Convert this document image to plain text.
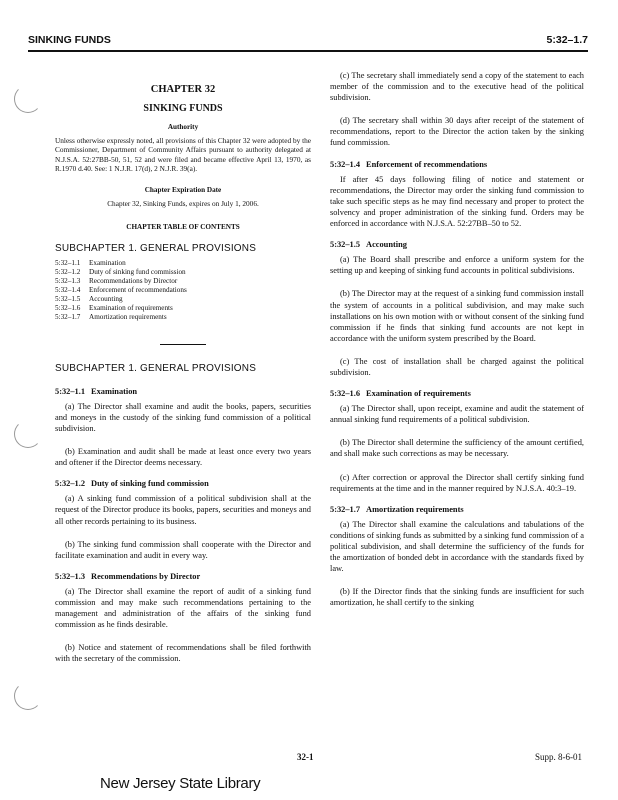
SINKING FUNDS	5:32–1.7
CHAPTER 32
SINKING FUNDS
Authority
Unless otherwise expressly noted, all provisions of this Chapter 32 were adopted by the Commissioner, Department of Community Affairs pursuant to authority delegated at N.J.S.A. 52:27BB-50, 51, 52 and were filed and became effective April 13, 1970, as R.1970 d.40. See: 1 N.J.R. 17(d), 2 N.J.R. 39(a).
Chapter Expiration Date
Chapter 32, Sinking Funds, expires on July 1, 2006.
CHAPTER TABLE OF CONTENTS
SUBCHAPTER 1. GENERAL PROVISIONS
5:32–1.1	Examination
5:32–1.2	Duty of sinking fund commission
5:32–1.3	Recommendations by Director
5:32–1.4	Enforcement of recommendations
5:32–1.5	Accounting
5:32–1.6	Examination of requirements
5:32–1.7	Amortization requirements
SUBCHAPTER 1. GENERAL PROVISIONS
5:32–1.1 Examination

(a) The Director shall examine and audit the books, papers, securities and moneys in the custody of the sinking fund commission of a political subdivision.

(b) Examination and audit shall be made at least once every two years and oftener if the Director deems necessary.

5:32–1.2 Duty of sinking fund commission

(a) A sinking fund commission of a political subdivision shall at the request of the Director produce its books, papers, securities and moneys and all other records pertaining to its business.

(b) The sinking fund commission shall cooperate with the Director and facilitate examination and audit in every way.

5:32–1.3 Recommendations by Director

(a) The Director shall examine the report of audit of a sinking fund commission and may make such recommendations pertaining to the management and administration of the affairs of the sinking fund commission as he finds desirable.

(b) Notice and statement of recommendations shall be filed forthwith with the secretary of the commission.

(c) The secretary shall immediately send a copy of the statement to each member of the commission and to the executive head of the political subdivision.

(d) The secretary shall within 30 days after receipt of the statement of recommendations, report to the Director the action taken by the sinking fund commission.

5:32–1.4 Enforcement of recommendations

If after 45 days following filing of notice and statement or recommendations, the Director may order the sinking fund commission to take such specific steps as he may find necessary and proper to protect the solvency and proper administration of the sinking fund. Orders may be enforced in accordance with N.J.S.A. 52:27BB–50 to 52.

5:32–1.5 Accounting

(a) The Board shall prescribe and enforce a uniform system for the setting up and keeping of sinking fund accounts in political subdivisions.

(b) The Director may at the request of a sinking fund commission install the system of accounts in a political subdivision, and may make such installations on his own motion with or without consent of the sinking fund commission if he finds that sinking fund accounts are not kept in accordance with the uniform system prescribed by the Board.

(c) The cost of installation shall be charged against the political subdivision.

5:32–1.6 Examination of requirements

(a) The Director shall, upon receipt, examine and audit the statement of annual sinking fund requirements of a political subdivision.

(b) The Director shall determine the sufficiency of the amount certified, and shall make such corrections as may be necessary.

(c) After correction or approval the Director shall certify sinking fund requirements at the time and in the manner required by N.J.S.A. 40:3–19.

5:32–1.7 Amortization requirements

(a) The Director shall examine the calculations and tabulations of the conditions of sinking funds as submitted by a sinking fund commission of a political subdivision, and shall determine the sufficiency of the funds for the amortization of bonded debt in accordance with the standards fixed by law.

(b) If the Director finds that the sinking funds are insufficient for such amortization, he shall certify to the sinking

32-1	Supp. 8-6-01
New Jersey State Library
